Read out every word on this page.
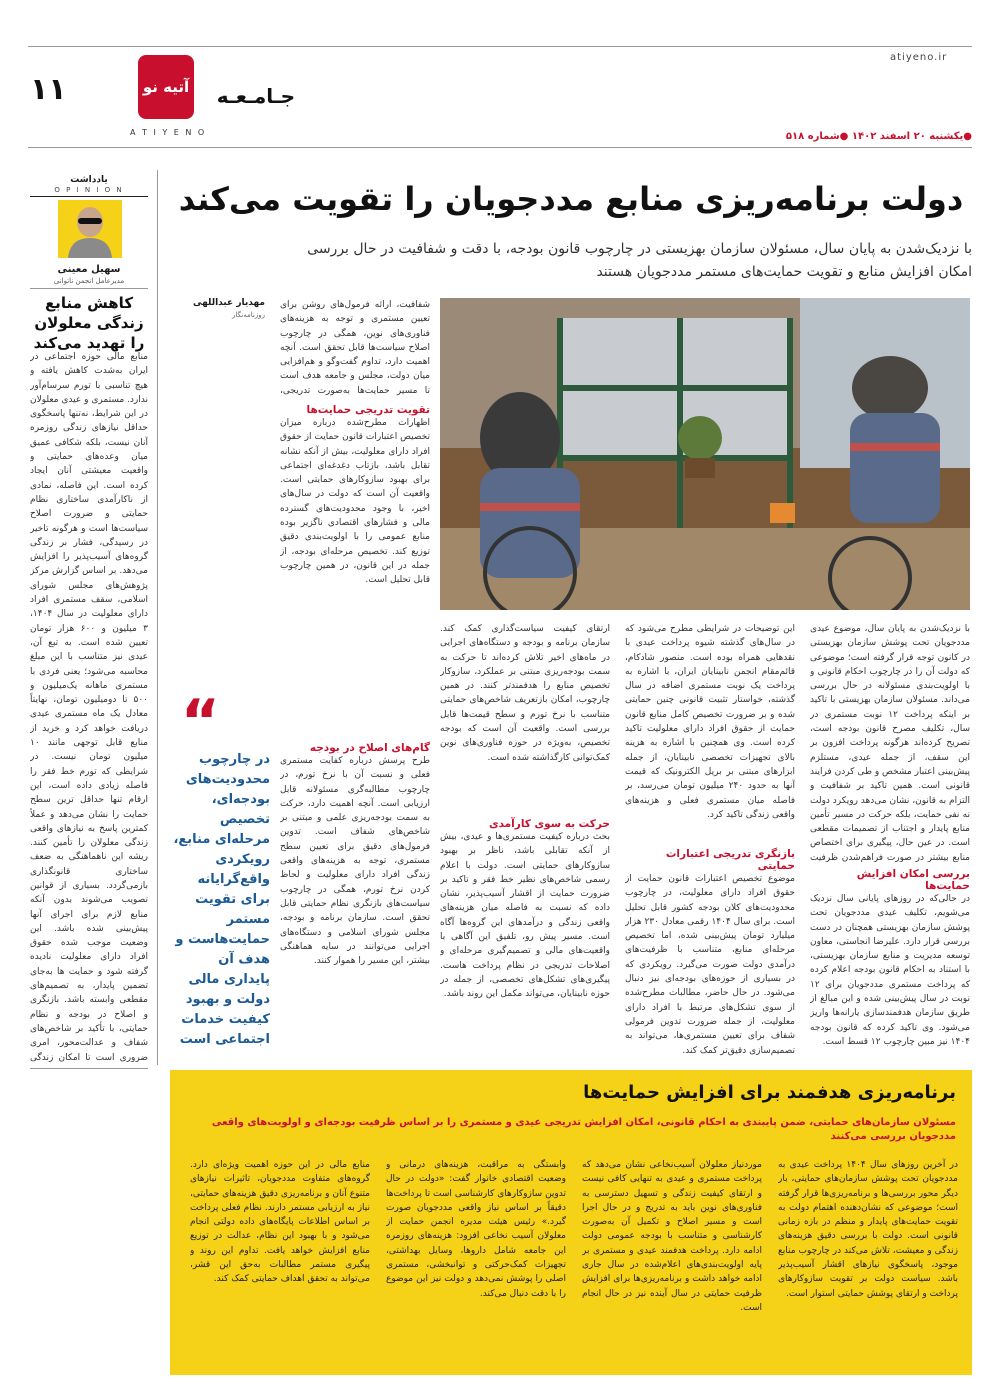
atiyeno.ir
۱۱	جـامـعـه
آتیه نو
A T I Y E N O	●یکشنبه ۲۰ اسفند ۱۴۰۲ ●شماره ۵۱۸
یادداشت
O P I N I O N
سهیل معینی
مدیرعامل انجمن ناتوانی
کاهش منابع زندگی معلولان را تهدید می‌کند
منابع مالی حوزه اجتماعی در ایران به‌شدت کاهش یافته و هیچ تناسبی با تورم سرسام‌آور ندارد. مستمری و عیدی معلولان در این شرایط، نه‌تنها پاسخگوی حداقل نیازهای زندگی روزمره آنان نیست، بلکه شکافی عمیق میان وعده‌های حمایتی و واقعیت معیشتی آنان ایجاد کرده است. این فاصله، نمادی از ناکارآمدی ساختاری نظام حمایتی و ضرورت اصلاح سیاست‌ها است و هرگونه تاخیر در رسیدگی، فشار بر زندگی گروه‌های آسیب‌پذیر را افزایش می‌دهد. بر اساس گزارش مرکز پژوهش‌های مجلس شورای اسلامی، سقف مستمری افراد دارای معلولیت در سال ۱۴۰۴، ۳ میلیون و ۶۰۰ هزار تومان تعیین شده است. به تبع آن، عیدی نیز متناسب با این مبلغ محاسبه می‌شود؛ یعنی فردی با مستمری ماهانه یک‌میلیون و ۵۰۰ تا دومیلیون تومان، نهایتاً معادل یک ماه مستمری عیدی دریافت خواهد کرد و خرید از منابع قابل توجهی مانند ۱۰ میلیون تومان نیست. در شرایطی که تورم خط فقر را فاصله زیادی داده است، این ارقام تنها حداقل ترین سطح حمایت را نشان می‌دهد و عملاً کمترین پاسخ به نیازهای واقعی زندگی معلولان را تأمین کنند. ریشه این ناهماهنگی به ضعف ساختاری قانونگذاری بازمی‌گردد. بسیاری از قوانین تصویب می‌شوند بدون آنکه منابع لازم برای اجرای آنها پیش‌بینی شده باشد. این وضعیت موجب شده حقوق افراد دارای معلولیت نادیده گرفته شود و حمایت ها به‌جای تضمین پایدار، به تصمیم‌های مقطعی وابسته باشد. بازنگری و اصلاح در بودجه و نظام حمایتی، با تأکید بر شاخص‌های شفاف و عدالت‌محور، امری ضروری است تا امکان زندگی
دولت برنامه‌ریزی منابع مددجویان را تقویت می‌کند
با نزدیک‌شدن به پایان سال، مسئولان سازمان بهزیستی در چارچوب قانون بودجه، با دقت و شفافیت در حال بررسی امکان افزایش منابع و تقویت حمایت‌های مستمر مددجویان هستند
مهدیار عبداللهی
روزنامه‌نگار
شفافیت، ارائه فرمول‌های روشن برای تعیین مستمری و توجه به هزینه‌های فناوری‌های نوین، همگی در چارچوب اصلاح سیاست‌ها قابل تحقق است. آنچه اهمیت دارد، تداوم گفت‌وگو و هم‌افزایی میان دولت، مجلس و جامعه هدف است تا مسیر حمایت‌ها به‌صورت تدریجی،
تقویت تدریجی حمایت‌ها
اظهارات مطرح‌شده درباره میزان تخصیص اعتبارات قانون حمایت از حقوق افراد دارای معلولیت، بیش از آنکه نشانه تقابل باشد، بازتاب دغدغه‌ای اجتماعی برای بهبود سازوکارهای حمایتی است. واقعیت آن است که دولت در سال‌های اخیر، با وجود محدودیت‌های گسترده مالی و فشارهای اقتصادی ناگزیر بوده منابع عمومی را با اولویت‌بندی دقیق توزیع کند. تخصیص مرحله‌ای بودجه، از جمله در این قانون، در همین چارچوب قابل تحلیل است.
گام‌های اصلاح در بودجه
طرح پرسش درباره کفایت مستمری فعلی و نسبت آن با نرخ تورم، در چارچوب مطالبه‌گری مسئولانه قابل ارزیابی است. آنچه اهمیت دارد، حرکت به سمت بودجه‌ریزی علمی و مبتنی بر شاخص‌های شفاف است. تدوین فرمول‌های دقیق برای تعیین سطح مستمری، توجه به هزینه‌های واقعی زندگی افراد دارای معلولیت و لحاظ کردن نرخ تورم، همگی در چارچوب سیاست‌های بازنگری نظام حمایتی قابل تحقق است. سازمان برنامه و بودجه، مجلس شورای اسلامی و دستگاه‌های اجرایی می‌توانند در سایه هماهنگی بیشتر، این مسیر را هموار کنند.
“
در چارچوب محدودیت‌های بودجه‌ای، تخصیص مرحله‌ای منابع، رویکردی واقع‌گرایانه برای تقویت مستمر حمایت‌هاست و هدف آن پایداری مالی دولت و بهبود کیفیت خدمات اجتماعی است
با نزدیک‌شدن به پایان سال، موضوع عیدی مددجویان تحت پوشش سازمان بهزیستی در کانون توجه قرار گرفته است؛ موضوعی که دولت آن را در چارچوب احکام قانونی و با اولویت‌بندی مسئولانه در حال بررسی می‌داند. مسئولان سازمان بهزیستی با تاکید بر اینکه پرداخت ۱۲ نوبت مستمری در سال، تکلیف مصرح قانون بودجه است، تصریح کرده‌اند هرگونه پرداخت افزون بر این سقف، از جمله عیدی، مستلزم پیش‌بینی اعتبار مشخص و طی کردن فرایند قانونی است. همین تاکید بر شفافیت و التزام به قانون، نشان می‌دهد رویکرد دولت نه نفی حمایت، بلکه حرکت در مسیر تأمین منابع پایدار و اجتناب از تصمیمات مقطعی است. در عین حال، پیگیری برای اختصاص منابع بیشتر در صورت فراهم‌شدن ظرفیت
بررسی امکان افزایش حمایت‌ها
در حالی‌که در روزهای پایانی سال نزدیک می‌شویم، تکلیف عیدی مددجویان تحت پوشش سازمان بهزیستی همچنان در دست بررسی قرار دارد. علیرضا انجاستی، معاون توسعه مدیریت و منابع سازمان بهزیستی، با استناد به احکام قانون بودجه اعلام کرده که پرداخت مستمری مددجویان برای ۱۲ نوبت در سال پیش‌بینی شده و این مبالغ از طریق سازمان هدفمندسازی یارانه‌ها واریز می‌شود. وی تاکید کرده که قانون بودجه ۱۴۰۴ نیز مبین چارچوب ۱۲ قسط است.
این توضیحات در شرایطی مطرح می‌شود که در سال‌های گذشته شیوه پرداخت عیدی با نقدهایی همراه بوده است. منصور شادکام، قائم‌مقام انجمن نابینایان ایران، با اشاره به پرداخت یک نوبت مستمری اضافه در سال گذشته، خواستار تثبیت قانونی چنین حمایتی شده و بر ضرورت تخصیص کامل منابع قانون حمایت از حقوق افراد دارای معلولیت تاکید کرده است. وی همچنین با اشاره به هزینه بالای تجهیزات تخصصی نابینایان، از جمله ابزارهای مبتنی بر بریل الکترونیک که قیمت آنها به حدود ۲۴۰ میلیون تومان می‌رسد، بر فاصله میان مستمری فعلی و هزینه‌های واقعی زندگی تاکید کرد.
بازنگری تدریجی اعتبارات حمایتی
موضوع تخصیص اعتبارات قانون حمایت از حقوق افراد دارای معلولیت، در چارچوب محدودیت‌های کلان بودجه کشور قابل تحلیل است. برای سال ۱۴۰۴ رقمی معادل ۲۳۰ هزار میلیارد تومان پیش‌بینی شده، اما تخصیص مرحله‌ای منابع، متناسب با ظرفیت‌های درآمدی دولت صورت می‌گیرد. رویکردی که در بسیاری از حوزه‌های بودجه‌ای نیز دنبال می‌شود. در حال حاضر، مطالبات مطرح‌شده از سوی تشکل‌های مرتبط با افراد دارای معلولیت، از جمله ضرورت تدوین فرمولی شفاف برای تعیین مستمری‌ها، می‌تواند به تصمیم‌سازی دقیق‌تر کمک کند.
ارتقای کیفیت سیاست‌گذاری کمک کند. سازمان برنامه و بودجه و دستگاه‌های اجرایی در ماه‌های اخیر تلاش کرده‌اند تا حرکت به سمت بودجه‌ریزی مبتنی بر عملکرد، سازوکار تخصیص منابع را هدفمندتر کنند. در همین چارچوب، امکان بازتعریف شاخص‌های حمایتی متناسب با نرخ تورم و سطح قیمت‌ها قابل بررسی است. واقعیت آن است که بودجه تخصیص، به‌ویژه در حوزه فناوری‌های نوین کمک‌توانی کارگذاشته شده است.
حرکت به سوی کارآمدی
بحث درباره کیفیت مستمری‌ها و عیدی، بیش از آنکه تقابلی باشد، ناظر بر بهبود سازوکارهای حمایتی است. دولت با اعلام رسمی شاخص‌های نظیر خط فقر و تاکید بر ضرورت حمایت از اقشار آسیب‌پذیر، نشان داده که نسبت به فاصله میان هزینه‌های واقعی زندگی و درآمدهای این گروه‌ها آگاه است. مسیر پیش رو، تلفیق این آگاهی با واقعیت‌های مالی و تصمیم‌گیری مرحله‌ای و اصلاحات تدریجی در نظام پرداخت هاست. پیگیری‌های تشکل‌های تخصصی، از جمله در حوزه نابینایان، می‌تواند مکمل این روند باشد.
برنامه‌ریزی هدفمند برای افزایش حمایت‌ها
مسئولان سازمان‌های حمایتی، ضمن پایبندی به احکام قانونی، امکان افزایش تدریجی عیدی و مستمری را بر اساس ظرفیت بودجه‌ای و اولویت‌های واقعی مددجویان بررسی می‌کنند
در آخرین روزهای سال ۱۴۰۴ پرداخت عیدی به مددجویان تحت پوشش سازمان‌های حمایتی، بار دیگر محور بررسی‌ها و برنامه‌ریزی‌ها قرار گرفته است؛ موضوعی که نشان‌دهنده اهتمام دولت به تقویت حمایت‌های پایدار و منظم در بازه زمانی قانونی است. دولت با بررسی دقیق هزینه‌های زندگی و معیشت، تلاش می‌کند در چارچوب منابع موجود، پاسخگوی نیازهای اقشار آسیب‌پذیر باشد. سیاست دولت بر تقویت سازوکارهای پرداخت و ارتقای پوشش حمایتی استوار است.
موردنیاز معلولان آسیب‌نخاعی نشان می‌دهد که پرداخت مستمری و عیدی به تنهایی کافی نیست و ارتقای کیفیت زندگی و تسهیل دسترسی به فناوری‌های نوین باید به تدریج و در حال اجرا است و مسیر اصلاح و تکمیل آن به‌صورت کارشناسی و متناسب با بودجه عمومی دولت ادامه دارد. پرداخت هدفمند عیدی و مستمری بر پایه اولویت‌بندی‌های اعلام‌شده در سال جاری ادامه خواهد داشت و برنامه‌ریزی‌ها برای افزایش ظرفیت حمایتی در سال آینده نیز در حال انجام است.
وابستگی به مراقبت، هزینه‌های درمانی و وضعیت اقتصادی خانوار گفت: «دولت در حال تدوین سازوکارهای کارشناسی است تا پرداخت‌ها دقیقاً بر اساس نیاز واقعی مددجویان صورت گیرد.» رئیس هیئت مدیره انجمن حمایت از معلولان آسیب نخاعی افزود: هزینه‌های روزمره این جامعه شامل داروها، وسایل بهداشتی، تجهیزات کمک‌حرکتی و توانبخشی، مستمری اصلی را پوشش نمی‌دهد و دولت نیز این موضوع را با دقت دنبال می‌کند.
منابع مالی در این حوزه اهمیت ویژه‌ای دارد. گروه‌های متفاوت مددجویان، تاثیرات نیازهای متنوع آنان و برنامه‌ریزی دقیق هزینه‌های حمایتی، نیاز به ارزیابی مستمر دارند. نظام فعلی پرداخت بر اساس اطلاعات پایگاه‌های داده دولتی انجام می‌شود و با بهبود این نظام، عدالت در توزیع منابع افزایش خواهد یافت. تداوم این روند و پیگیری مستمر مطالبات به‌حق این قشر، می‌تواند به تحقق اهداف حمایتی کمک کند.
